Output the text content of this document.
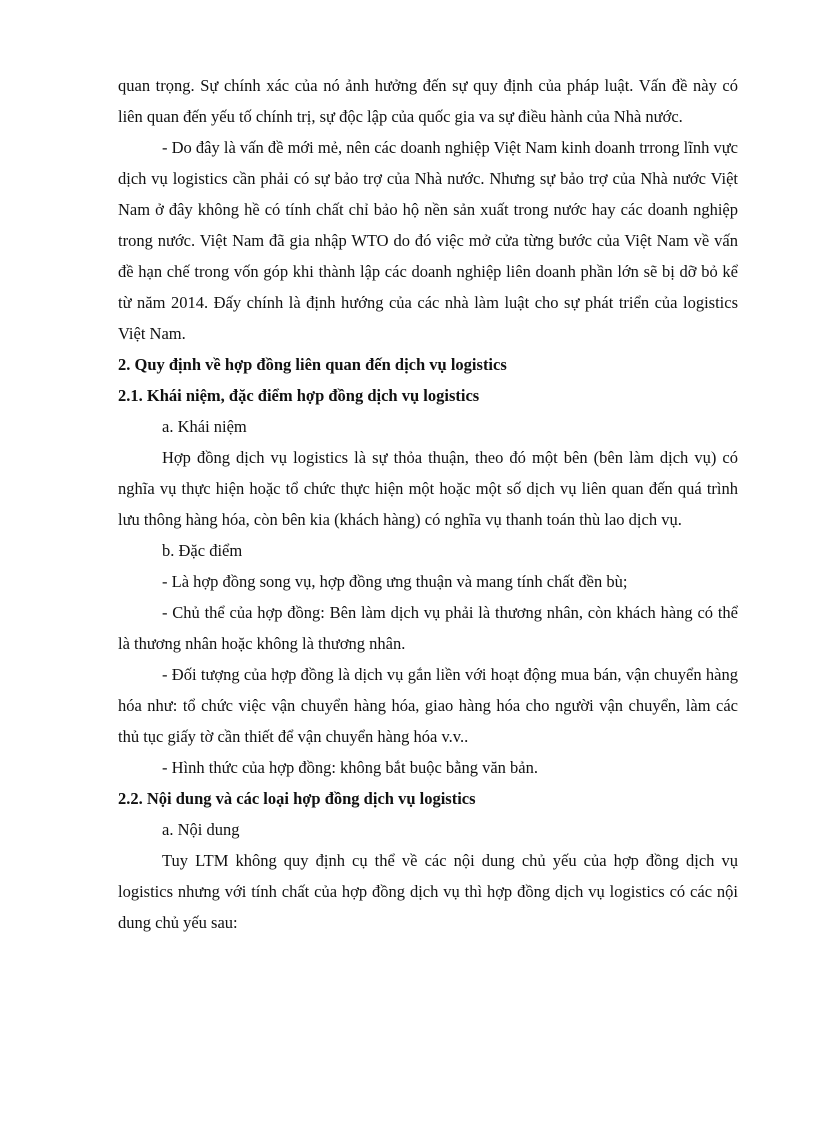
quan trọng. Sự chính xác của nó ảnh hưởng đến sự quy định của pháp luật. Vấn đề này có liên quan đến yếu tố chính trị, sự độc lập của quốc gia va sự điều hành của Nhà nước.

- Do đây là vấn đề mới mẻ, nên các doanh nghiệp Việt Nam kinh doanh trrong lĩnh vực dịch vụ logistics cần phải có sự bảo trợ của Nhà nước. Nhưng sự bảo trợ của Nhà nước Việt Nam ở đây không hề có tính chất chỉ bảo hộ nền sản xuất trong nước hay các doanh nghiệp trong nước. Việt Nam đã gia nhập WTO do đó việc mở cửa từng bước của Việt Nam về vấn đề hạn chế trong vốn góp khi thành lập các doanh nghiệp liên doanh phần lớn sẽ bị dỡ bỏ kể từ năm 2014. Đấy chính là định hướng của các nhà làm luật cho sự phát triển của logistics Việt Nam.

2. Quy định về hợp đồng liên quan đến dịch vụ logistics

2.1. Khái niệm, đặc điểm hợp đồng dịch vụ logistics

a. Khái niệm

Hợp đồng dịch vụ logistics là sự thỏa thuận, theo đó một bên (bên làm dịch vụ) có nghĩa vụ thực hiện hoặc tổ chức thực hiện một hoặc một số dịch vụ liên quan đến quá trình lưu thông hàng hóa, còn bên kia (khách hàng) có nghĩa vụ thanh toán thù lao dịch vụ.

b. Đặc điểm

- Là hợp đồng song vụ, hợp đồng ưng thuận và mang tính chất đền bù;

- Chủ thể của hợp đồng: Bên làm dịch vụ phải là thương nhân, còn khách hàng có thể là thương nhân hoặc không là thương nhân.

- Đối tượng của hợp đồng là dịch vụ gắn liền với hoạt động mua bán, vận chuyển hàng hóa như: tổ chức việc vận chuyển hàng hóa, giao hàng hóa cho người vận chuyển, làm các thủ tục giấy tờ cần thiết để vận chuyển hàng hóa v.v..

- Hình thức của hợp đồng: không bắt buộc bằng văn bản.

2.2. Nội dung và các loại hợp đồng dịch vụ logistics

a. Nội dung

Tuy LTM không quy định cụ thể về các nội dung chủ yếu của hợp đồng dịch vụ logistics nhưng với tính chất của hợp đồng dịch vụ thì hợp đồng dịch vụ logistics có các nội dung chủ yếu sau:
